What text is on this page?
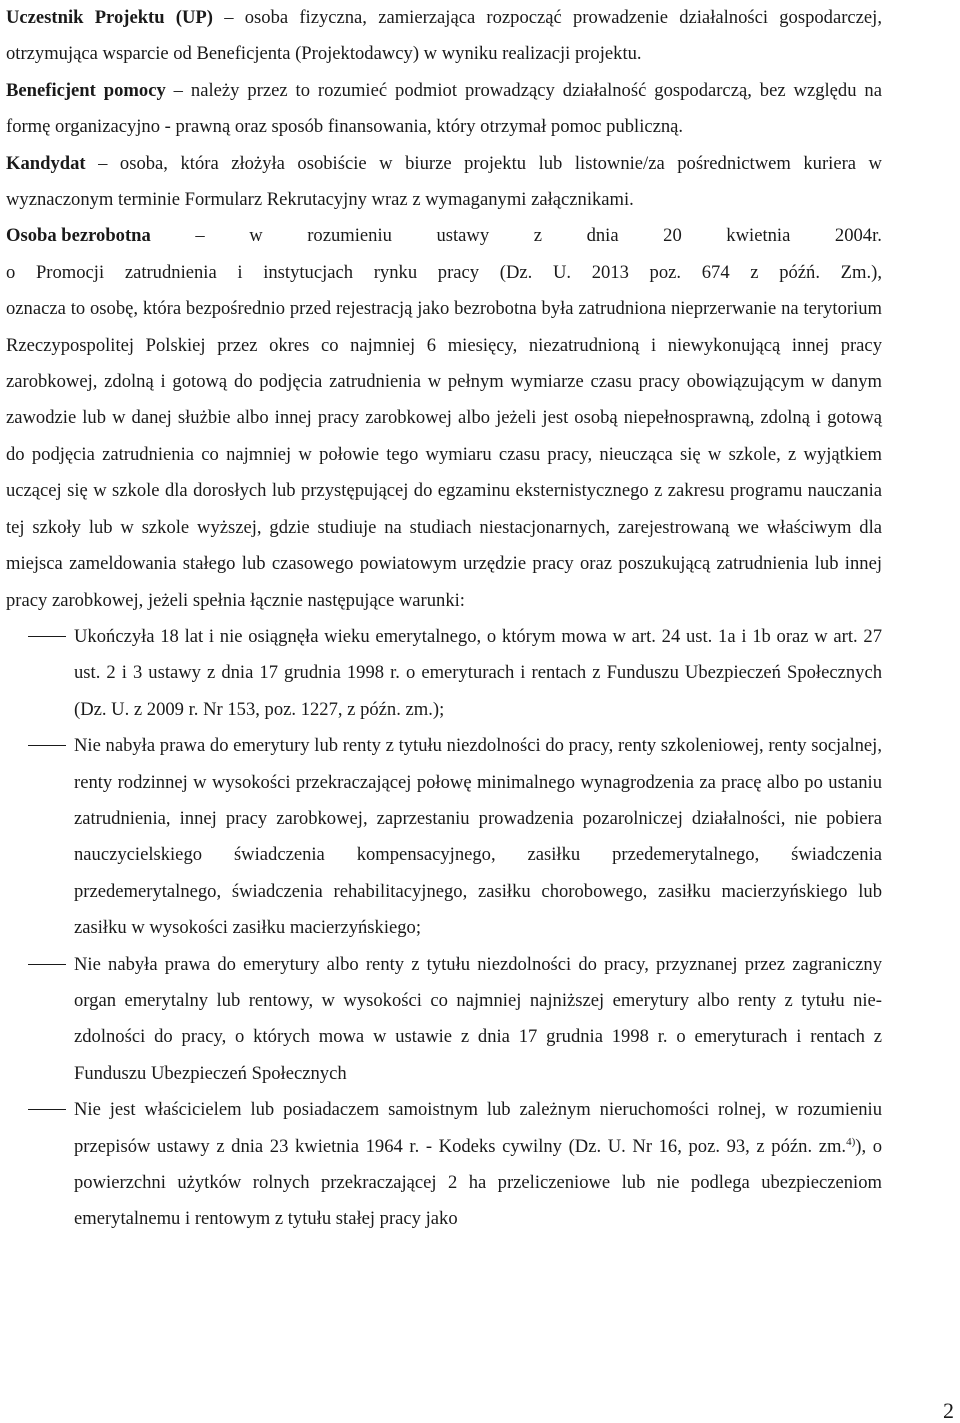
Uczestnik Projektu (UP) – osoba fizyczna, zamierzająca rozpocząć prowadzenie działalności gospodarczej, otrzymująca wsparcie od Beneficjenta (Projektodawcy) w wyniku realizacji projektu.

Beneficjent pomocy – należy przez to rozumieć podmiot prowadzący działalność gospodarczą, bez względu na formę organizacyjno - prawną oraz sposób finansowania, który otrzymał pomoc publiczną.

Kandydat – osoba, która złożyła osobiście w biurze projektu lub listownie/za pośrednictwem kuriera w wyznaczonym terminie Formularz Rekrutacyjny wraz z wymaganymi załącznikami.

Osoba bezrobotna – w rozumieniu ustawy z dnia 20 kwietnia 2004r.

o Promocji zatrudnienia i instytucjach rynku pracy (Dz. U. 2013 poz. 674 z późń. Zm.),

oznacza to osobę, która bezpośrednio przed rejestracją jako bezrobotna była zatrudniona nieprzerwanie na terytorium Rzeczypospolitej Polskiej przez okres co najmniej 6 miesięcy, niezatrudnioną i niewykonującą innej pracy zarobkowej, zdolną i gotową do podjęcia zatrudnienia w pełnym wymiarze czasu pracy obowiązującym w danym zawodzie lub w danej służbie albo innej pracy zarobkowej albo jeżeli jest osobą niepełnosprawną, zdolną i gotową do podjęcia zatrudnienia co najmniej w połowie tego wymiaru czasu pracy, nieucząca się w szkole, z wyjątkiem uczącej się w szkole dla dorosłych lub przystępującej do egzaminu eksternistycznego z zakresu programu nauczania tej szkoły lub w szkole wyższej, gdzie studiuje na studiach niestacjonarnych, zarejestrowaną we właściwym dla miejsca zameldowania stałego lub czasowego powiatowym urzędzie pracy oraz poszukującą zatrudnienia lub innej pracy zarobkowej, jeżeli spełnia łącznie następujące warunki:

Ukończyła 18 lat i nie osiągnęła wieku emerytalnego, o którym mowa w art. 24 ust. 1a i 1b oraz w art. 27 ust. 2 i 3 ustawy z dnia 17 grudnia 1998 r. o emeryturach i rentach z Funduszu Ubezpieczeń Społecznych (Dz. U. z 2009 r. Nr 153, poz. 1227, z późn. zm.);
Nie nabyła prawa do emerytury lub renty z tytułu niezdolności do pracy, renty szkoleniowej, renty socjalnej, renty rodzinnej w wysokości przekraczającej połowę minimalnego wynagrodzenia za pracę albo po ustaniu zatrudnienia, innej pracy zarobkowej, zaprzestaniu prowadzenia pozarolniczej działalności, nie pobiera nauczycielskiego świadczenia kompensacyjnego, zasiłku przedemerytalnego, świadczenia przedemerytalnego, świadczenia rehabilitacyjnego, zasiłku chorobowego, zasiłku macierzyńskiego lub zasiłku w wysokości zasiłku macierzyńskiego;
Nie nabyła prawa do emerytury albo renty z tytułu niezdolności do pracy, przyznanej przez zagraniczny organ emerytalny lub rentowy, w wysokości co najmniej najniższej emerytury albo renty z tytułu nie-zdolności do pracy, o których mowa w ustawie z dnia 17 grudnia 1998 r. o emeryturach i rentach z Funduszu Ubezpieczeń Społecznych
Nie jest właścicielem lub posiadaczem samoistnym lub zależnym nieruchomości rolnej, w rozumieniu przepisów ustawy z dnia 23 kwietnia 1964 r. - Kodeks cywilny (Dz. U. Nr 16, poz. 93, z późn. zm.$^{4)}$), o powierzchni użytków rolnych przekraczającej 2 ha przeliczeniowe lub nie podlega ubezpieczeniom emerytalnemu i rentowym z tytułu stałej pracy jako
2
